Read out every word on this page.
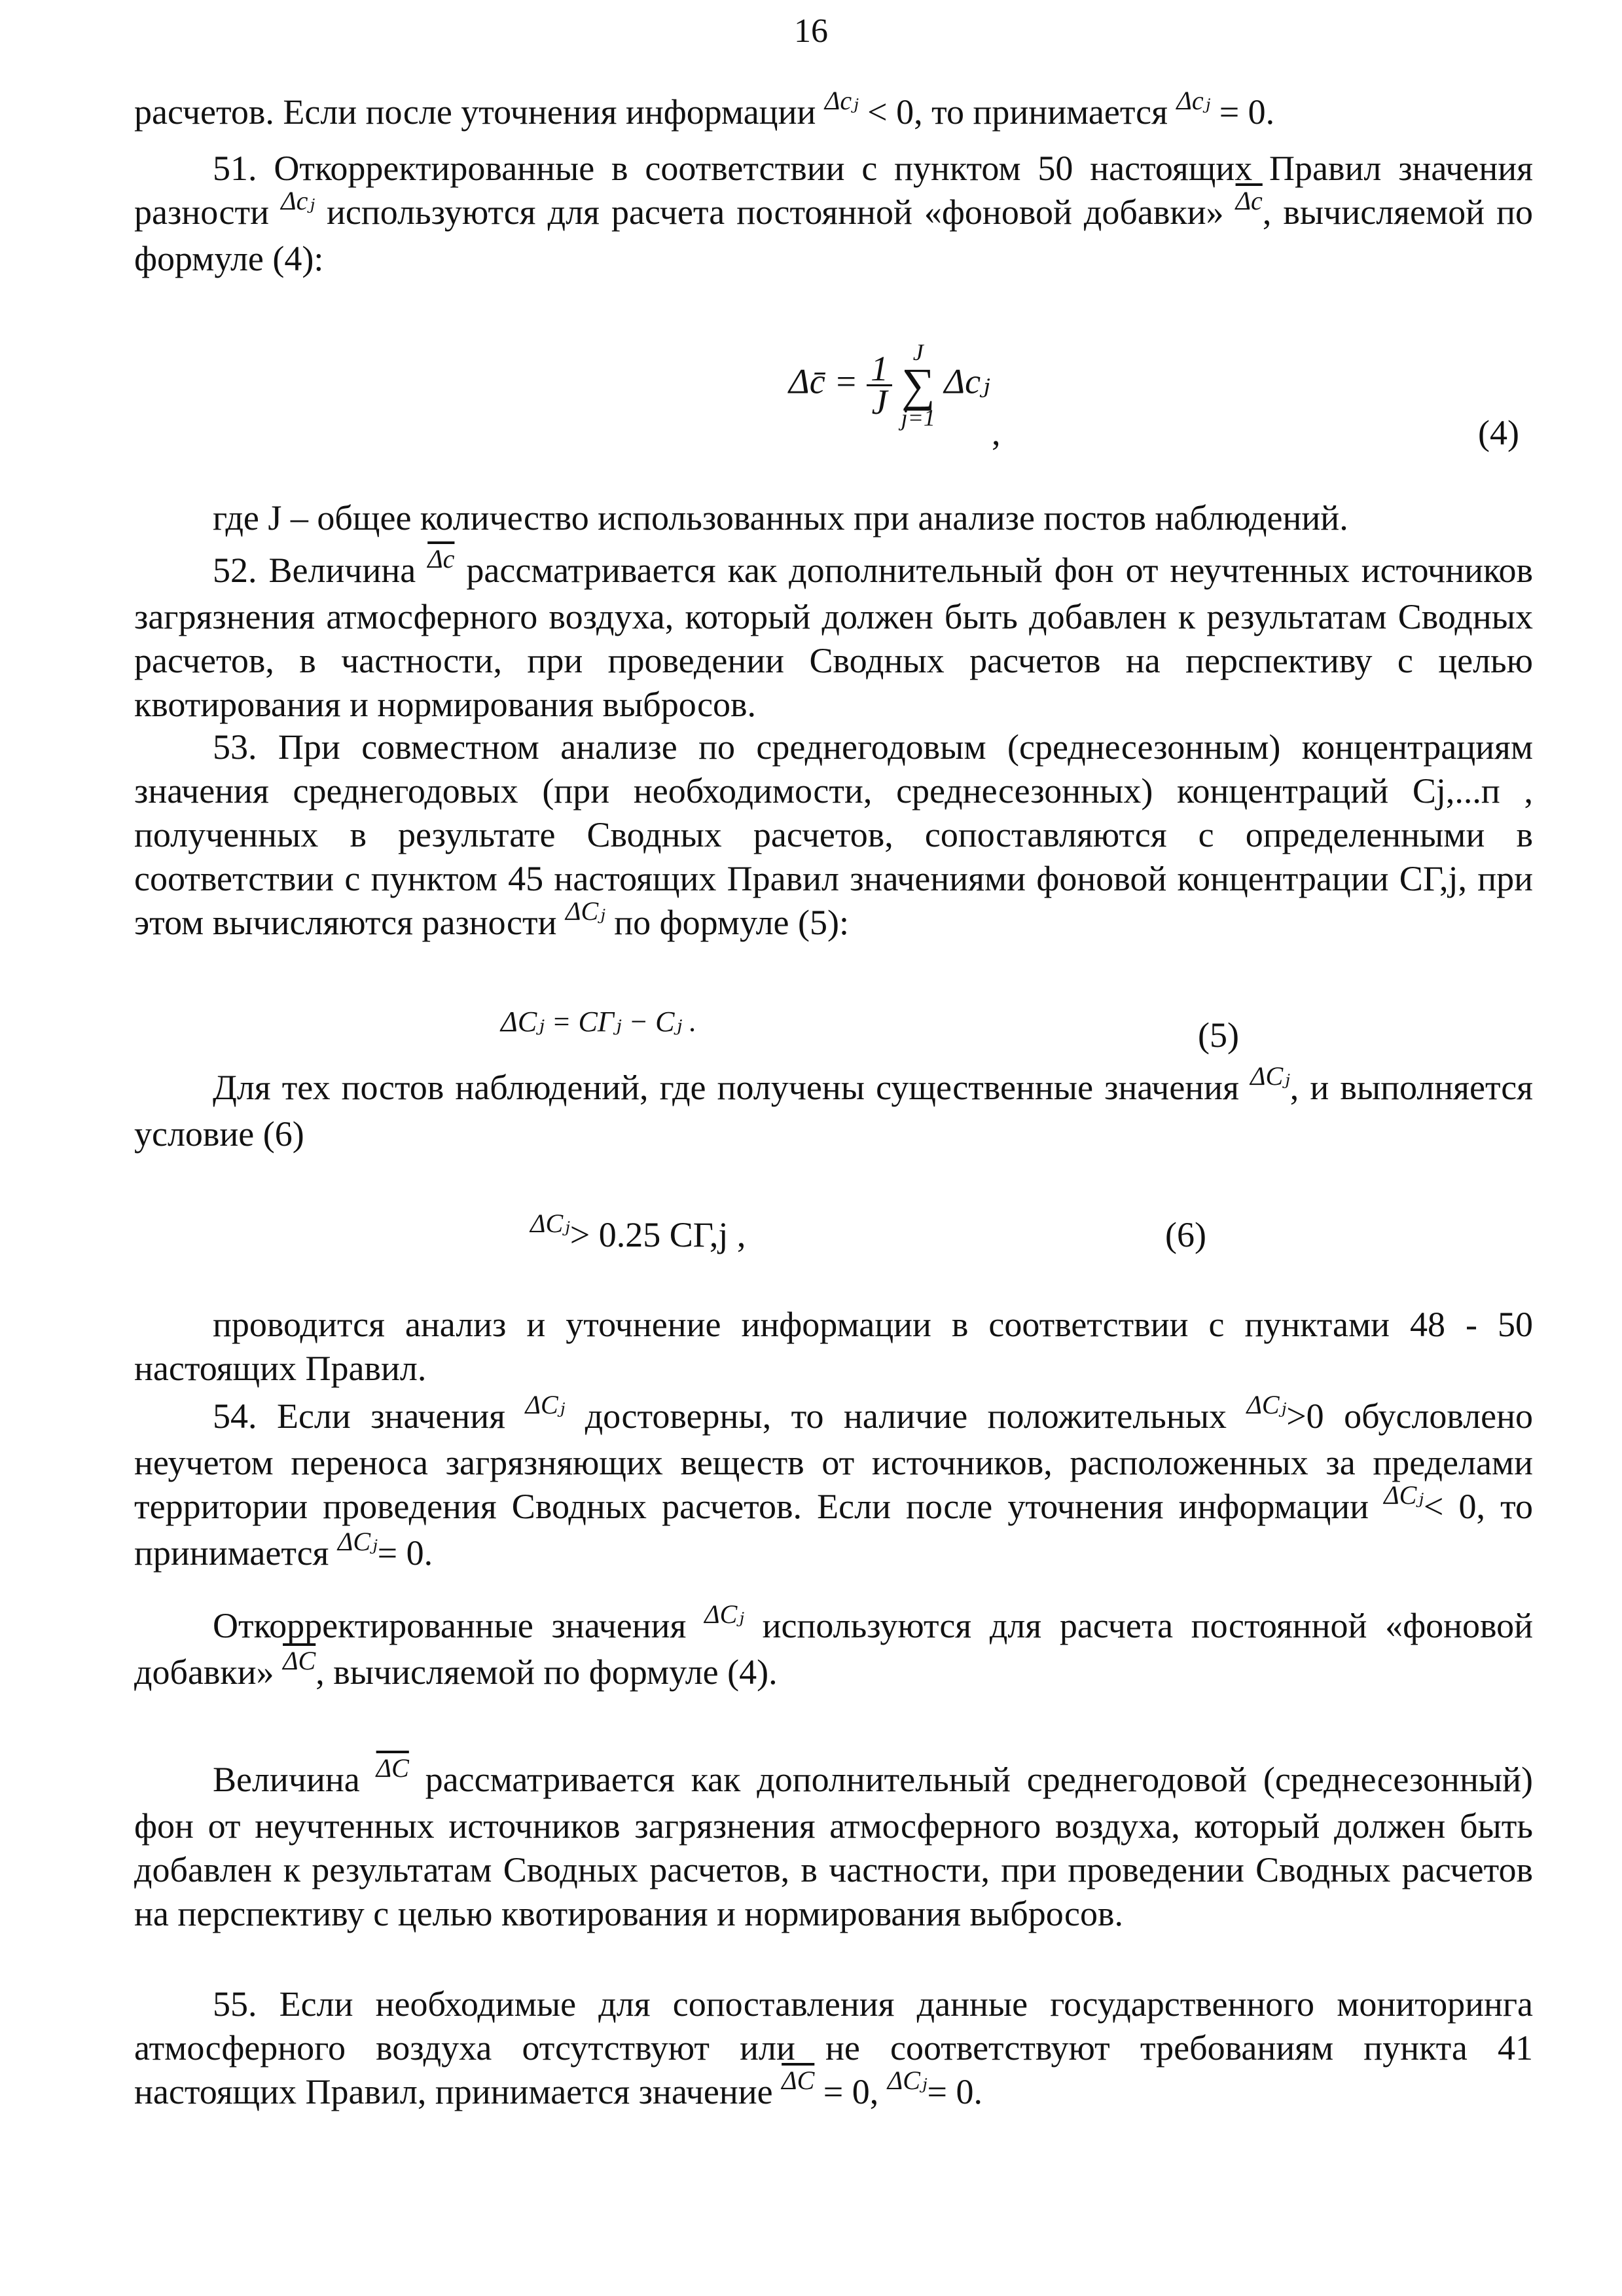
16

расчетов. Если после уточнения информации $^{\Delta cⱼ}$ < 0, то принимается $^{\Delta cⱼ}$ = 0.

51. Откорректированные в соответствии с пунктом 50 настоящих Правил значения разности $^{\Delta cⱼ}$ используются для расчета постоянной «фоновой добавки» $^{\overline{\Delta c}}$, вычисляемой по формуле (4):

Δc̄ = $\frac{1}{J}$ J
∑
j=1 Δcⱼ
,	(4)

где J – общее количество использованных при анализе постов наблюдений.

52. Величина $^{\overline{\Delta c}}$ рассматривается как дополнительный фон от неучтенных источников загрязнения атмосферного воздуха, который должен быть добавлен к результатам Сводных расчетов, в частности, при проведении Сводных расчетов на перспективу с целью квотирования и нормирования выбросов.

53. При совместном анализе по среднегодовым (среднесезонным) концентрациям значения среднегодовых (при необходимости, среднесезонных) концентраций Cj,...п , полученных в результате Сводных расчетов, сопоставляются с определенными в соответствии с пунктом 45 настоящих Правил значениями фоновой концентрации CГ,j, при этом вычисляются разности $^{\Delta Cⱼ}$ по формуле (5):

ΔCⱼ = CГⱼ − Cⱼ .	(5)

Для тех постов наблюдений, где получены существенные значения $^{\Delta Cⱼ}$, и выполняется условие (6)

$^{\Delta Cⱼ}$> 0.25 CГ,j ,	(6)

проводится анализ и уточнение информации в соответствии с пунктами 48 - 50 настоящих Правил.

54. Если значения $^{\Delta Cⱼ}$ достоверны, то наличие положительных $^{\Delta Cⱼ}$>0 обусловлено неучетом переноса загрязняющих веществ от источников, расположенных за пределами территории проведения Сводных расчетов. Если после уточнения информации $^{\Delta Cⱼ}$< 0, то принимается $^{\Delta Cⱼ}$= 0.

Откорректированные значения $^{\Delta Cⱼ}$ используются для расчета постоянной «фоновой добавки» $^{\overline{\Delta C}}$, вычисляемой по формуле (4).

Величина $^{\overline{\Delta C}}$ рассматривается как дополнительный среднегодовой (среднесезонный) фон от неучтенных источников загрязнения атмосферного воздуха, который должен быть добавлен к результатам Сводных расчетов, в частности, при проведении Сводных расчетов на перспективу с целью квотирования и нормирования выбросов.

55. Если необходимые для сопоставления данные государственного мониторинга атмосферного воздуха отсутствуют или не соответствуют требованиям пункта 41 настоящих Правил, принимается значение $^{\overline{\Delta C}}$ = 0, $^{\Delta Cⱼ}$= 0.
